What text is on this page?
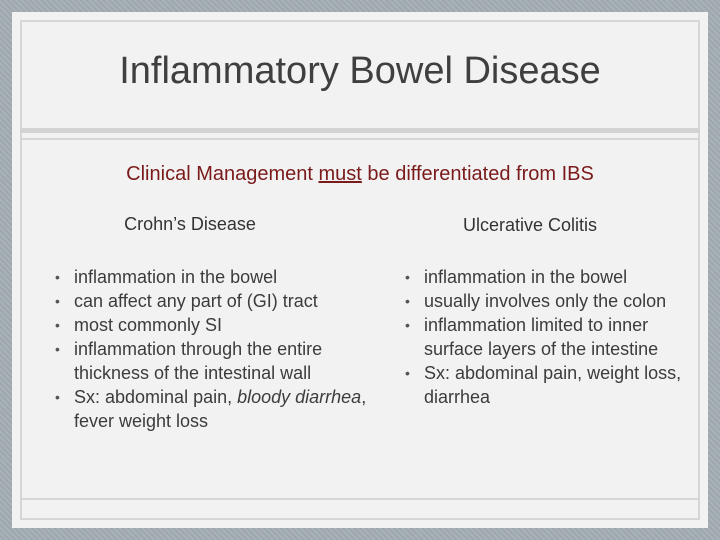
Inflammatory Bowel Disease
Clinical Management must be differentiated from IBS
Crohn’s Disease	Ulcerative Colitis
• inflammation in the bowel
• can affect any part of (GI) tract
• most commonly SI
• inflammation through the entire thickness of the intestinal wall
• Sx: abdominal pain, bloody diarrhea, fever weight loss
• inflammation in the bowel
• usually involves only the colon
• inflammation limited to inner surface layers of the intestine
• Sx: abdominal pain, weight loss, diarrhea
